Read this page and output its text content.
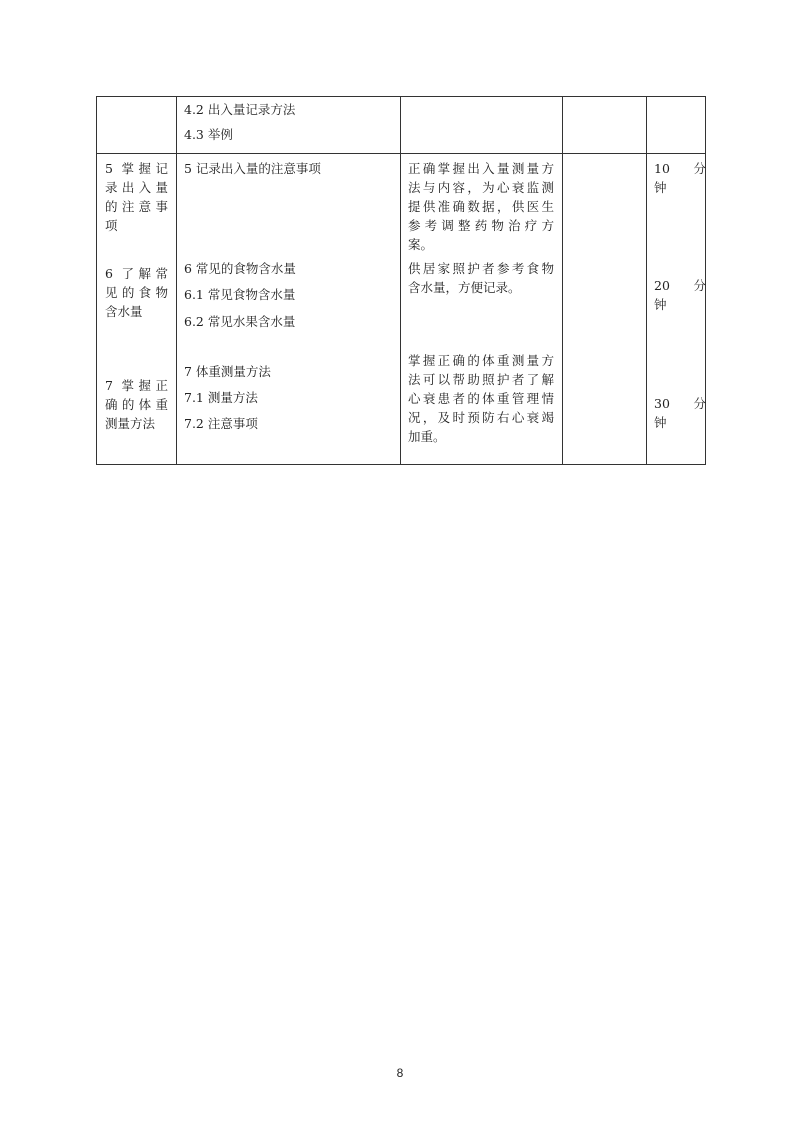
4.2 出入量记录方法
4.3 举例
5 掌握记
录出入量
的注意事
项
6 了解常
见的食物
含水量
7 掌握正
确的体重
测量方法
5 记录出入量的注意事项
6 常见的食物含水量
6.1 常见食物含水量
6.2 常见水果含水量
7 体重测量方法
7.1 测量方法
7.2 注意事项
正确掌握出入量测量方
法与内容，为心衰监测
提供准确数据，供医生
参考调整药物治疗方
案。
供居家照护者参考食物
含水量，方便记录。
掌握正确的体重测量方
法可以帮助照护者了解
心衰患者的体重管理情
况，及时预防右心衰竭
加重。
10 分
钟
20 分
钟
30 分
钟
8
